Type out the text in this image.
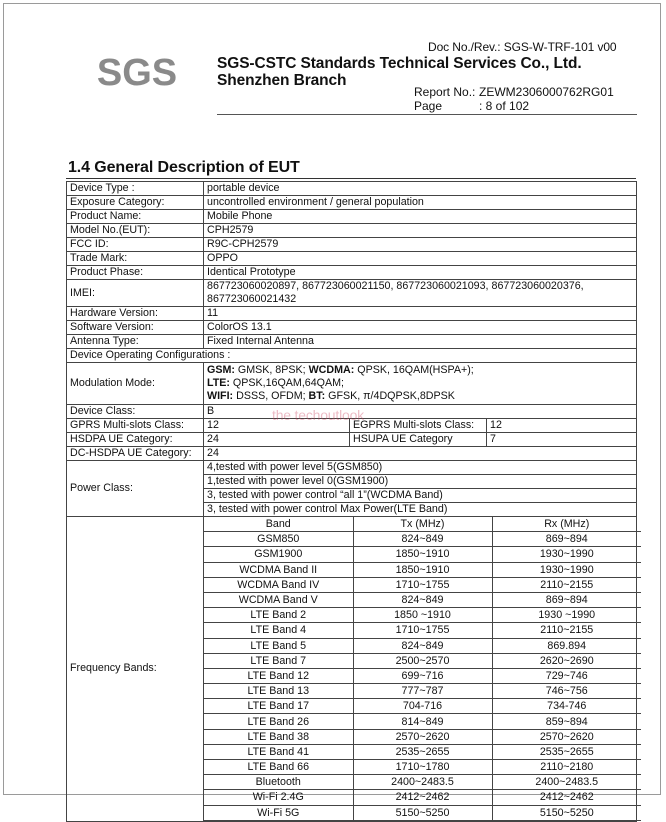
Doc No./Rev.: SGS-W-TRF-101 v00
SGS	SGS-CSTC Standards Technical Services Co., Ltd.
Shenzhen Branch
Report No.: ZEWM2306000762RG01
Page	: 8 of 102
1.4 General Description of EUT
Device Type :	portable device
Exposure Category:	uncontrolled environment / general population
Product Name:	Mobile Phone
Model No.(EUT):	CPH2579
FCC ID:	R9C-CPH2579
Trade Mark:	OPPO
Product Phase:	Identical Prototype
IMEI:	867723060020897, 867723060021150, 867723060021093, 867723060020376, 867723060021432
Hardware Version:	11
Software Version:	ColorOS 13.1
Antenna Type:	Fixed Internal Antenna
Device Operating Configurations :
Modulation Mode:	
GSM: GMSK, 8PSK; WCDMA: QPSK, 16QAM(HSPA+);
LTE: QPSK,16QAM,64QAM;
WIFI: DSSS, OFDM; BT: GFSK, π/4DQPSK,8DPSK

Device Class:	B
GPRS Multi-slots Class:	12	EGPRS Multi-slots Class:	12
HSDPA UE Category:	24	HSUPA UE Category	7
DC-HSDPA UE Category:	24
Power Class:	4,tested with power level 5(GSM850)
1,tested with power level 0(GSM1900)
3, tested with power control “all 1”(WCDMA Band)
3, tested with power control Max Power(LTE Band)
Frequency Bands:	
Band	Tx (MHz)	Rx (MHz)
GSM850	824~849	869~894
GSM1900	1850~1910	1930~1990
WCDMA Band II	1850~1910	1930~1990
WCDMA Band IV	1710~1755	2110~2155
WCDMA Band V	824~849	869~894
LTE Band 2	1850 ~1910	1930 ~1990
LTE Band 4	1710~1755	2110~2155
LTE Band 5	824~849	869.894
LTE Band 7	2500~2570	2620~2690
LTE Band 12	699~716	729~746
LTE Band 13	777~787	746~756
LTE Band 17	704-716	734-746
LTE Band 26	814~849	859~894
LTE Band 38	2570~2620	2570~2620
LTE Band 41	2535~2655	2535~2655
LTE Band 66	1710~1780	2110~2180
Bluetooth	2400~2483.5	2400~2483.5
Wi-Fi 2.4G	2412~2462	2412~2462
Wi-Fi 5G	5150~5250	5150~5250
the techoutlook
